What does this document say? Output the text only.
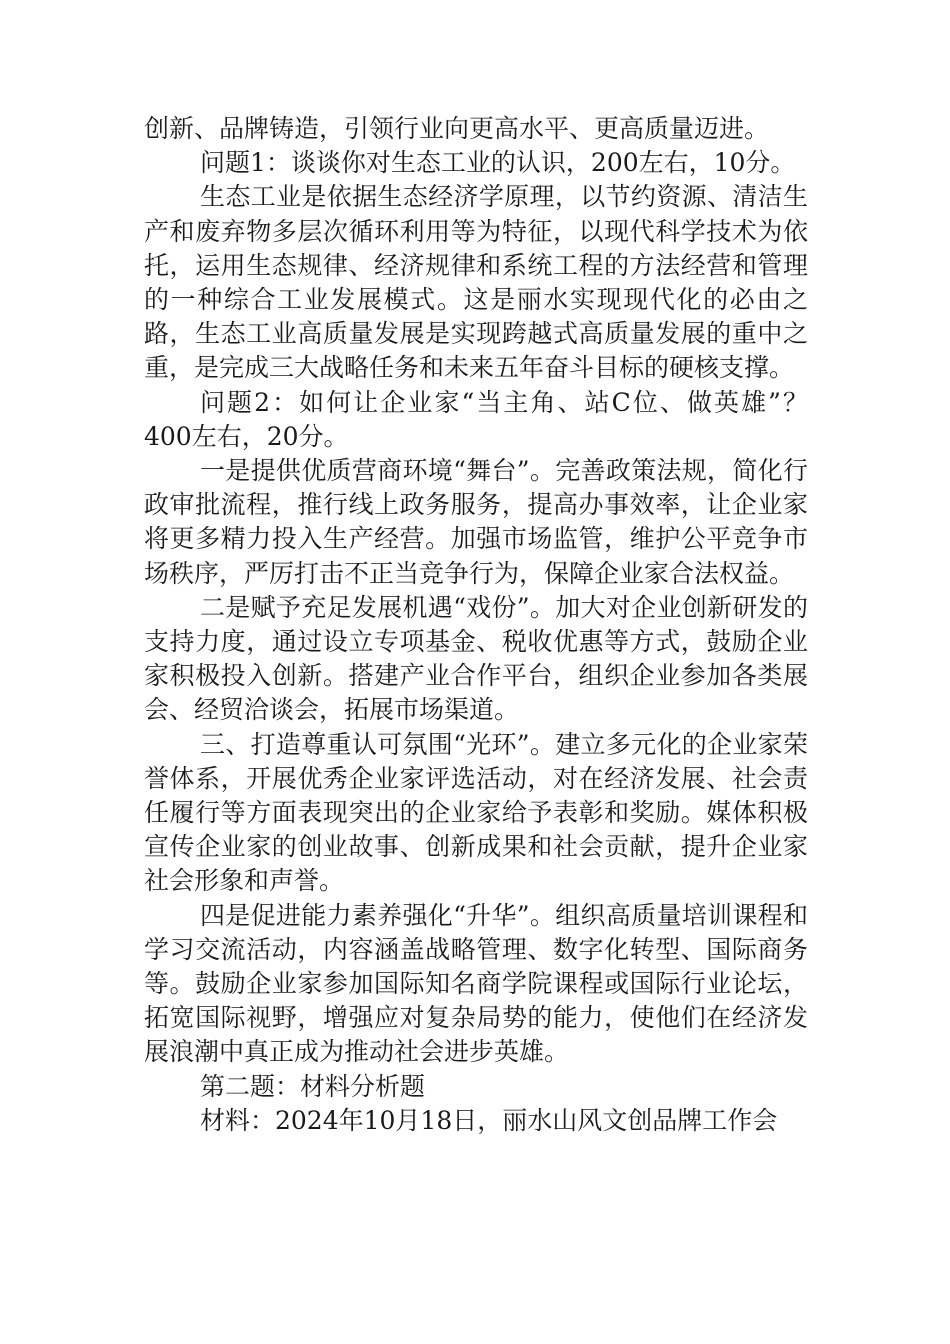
创新、品牌铸造，引领行业向更高水平、更高质量迈进。

问题1：谈谈你对生态工业的认识，200左右，10分。

生态工业是依据生态经济学原理，以节约资源、清洁生产和废弃物多层次循环利用等为特征，以现代科学技术为依托，运用生态规律、经济规律和系统工程的方法经营和管理的一种综合工业发展模式。这是丽水实现现代化的必由之路，生态工业高质量发展是实现跨越式高质量发展的重中之重，是完成三大战略任务和未来五年奋斗目标的硬核支撑。

问题2：如何让企业家“当主角、站C位、做英雄”？400左右，20分。

一是提供优质营商环境“舞台”。完善政策法规，简化行政审批流程，推行线上政务服务，提高办事效率，让企业家将更多精力投入生产经营。加强市场监管，维护公平竞争市场秩序，严厉打击不正当竞争行为，保障企业家合法权益。

二是赋予充足发展机遇“戏份”。加大对企业创新研发的支持力度，通过设立专项基金、税收优惠等方式，鼓励企业家积极投入创新。搭建产业合作平台，组织企业参加各类展会、经贸洽谈会，拓展市场渠道。

三、打造尊重认可氛围“光环”。建立多元化的企业家荣誉体系，开展优秀企业家评选活动，对在经济发展、社会责任履行等方面表现突出的企业家给予表彰和奖励。媒体积极宣传企业家的创业故事、创新成果和社会贡献，提升企业家社会形象和声誉。

四是促进能力素养强化“升华”。组织高质量培训课程和学习交流活动，内容涵盖战略管理、数字化转型、国际商务等。鼓励企业家参加国际知名商学院课程或国际行业论坛，拓宽国际视野，增强应对复杂局势的能力，使他们在经济发展浪潮中真正成为推动社会进步英雄。

第二题：材料分析题

材料：2024年10月18日，丽水山风文创品牌工作会
